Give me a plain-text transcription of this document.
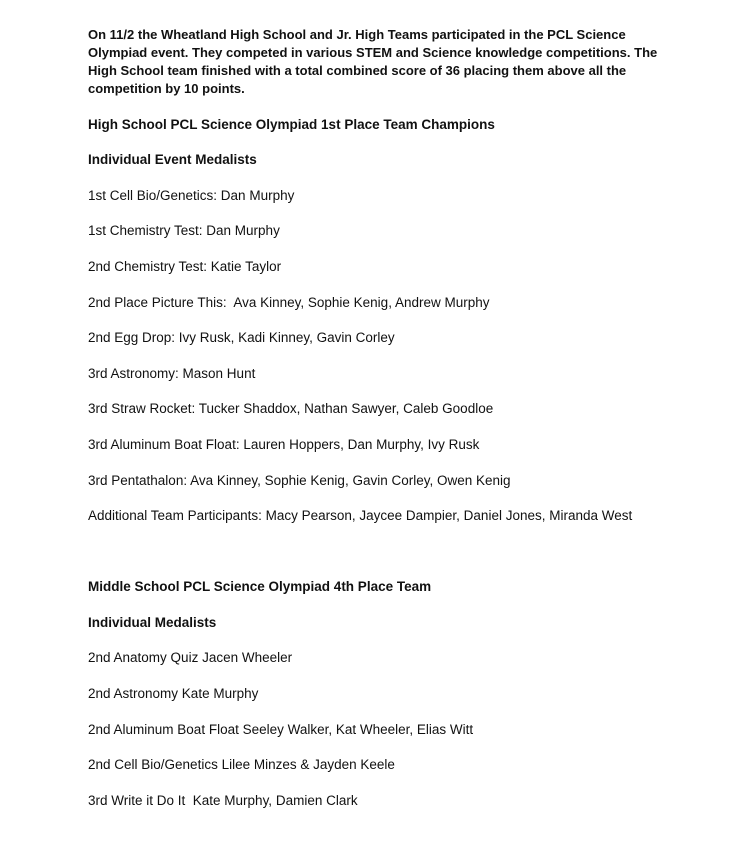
On 11/2 the Wheatland High School and Jr. High Teams participated in the PCL Science Olympiad event. They competed in various STEM and Science knowledge competitions. The High School team finished with a total combined score of 36 placing them above all the competition by 10 points.

High School PCL Science Olympiad 1st Place Team Champions

Individual Event Medalists

1st Cell Bio/Genetics: Dan Murphy

1st Chemistry Test: Dan Murphy

2nd Chemistry Test: Katie Taylor

2nd Place Picture This:  Ava Kinney, Sophie Kenig, Andrew Murphy

2nd Egg Drop: Ivy Rusk, Kadi Kinney, Gavin Corley

3rd Astronomy: Mason Hunt

3rd Straw Rocket: Tucker Shaddox, Nathan Sawyer, Caleb Goodloe

3rd Aluminum Boat Float: Lauren Hoppers, Dan Murphy, Ivy Rusk

3rd Pentathalon: Ava Kinney, Sophie Kenig, Gavin Corley, Owen Kenig

Additional Team Participants: Macy Pearson, Jaycee Dampier, Daniel Jones, Miranda West

Middle School PCL Science Olympiad 4th Place Team

Individual Medalists

2nd Anatomy Quiz Jacen Wheeler

2nd Astronomy Kate Murphy

2nd Aluminum Boat Float Seeley Walker, Kat Wheeler, Elias Witt

2nd Cell Bio/Genetics Lilee Minzes & Jayden Keele

3rd Write it Do It  Kate Murphy, Damien Clark
